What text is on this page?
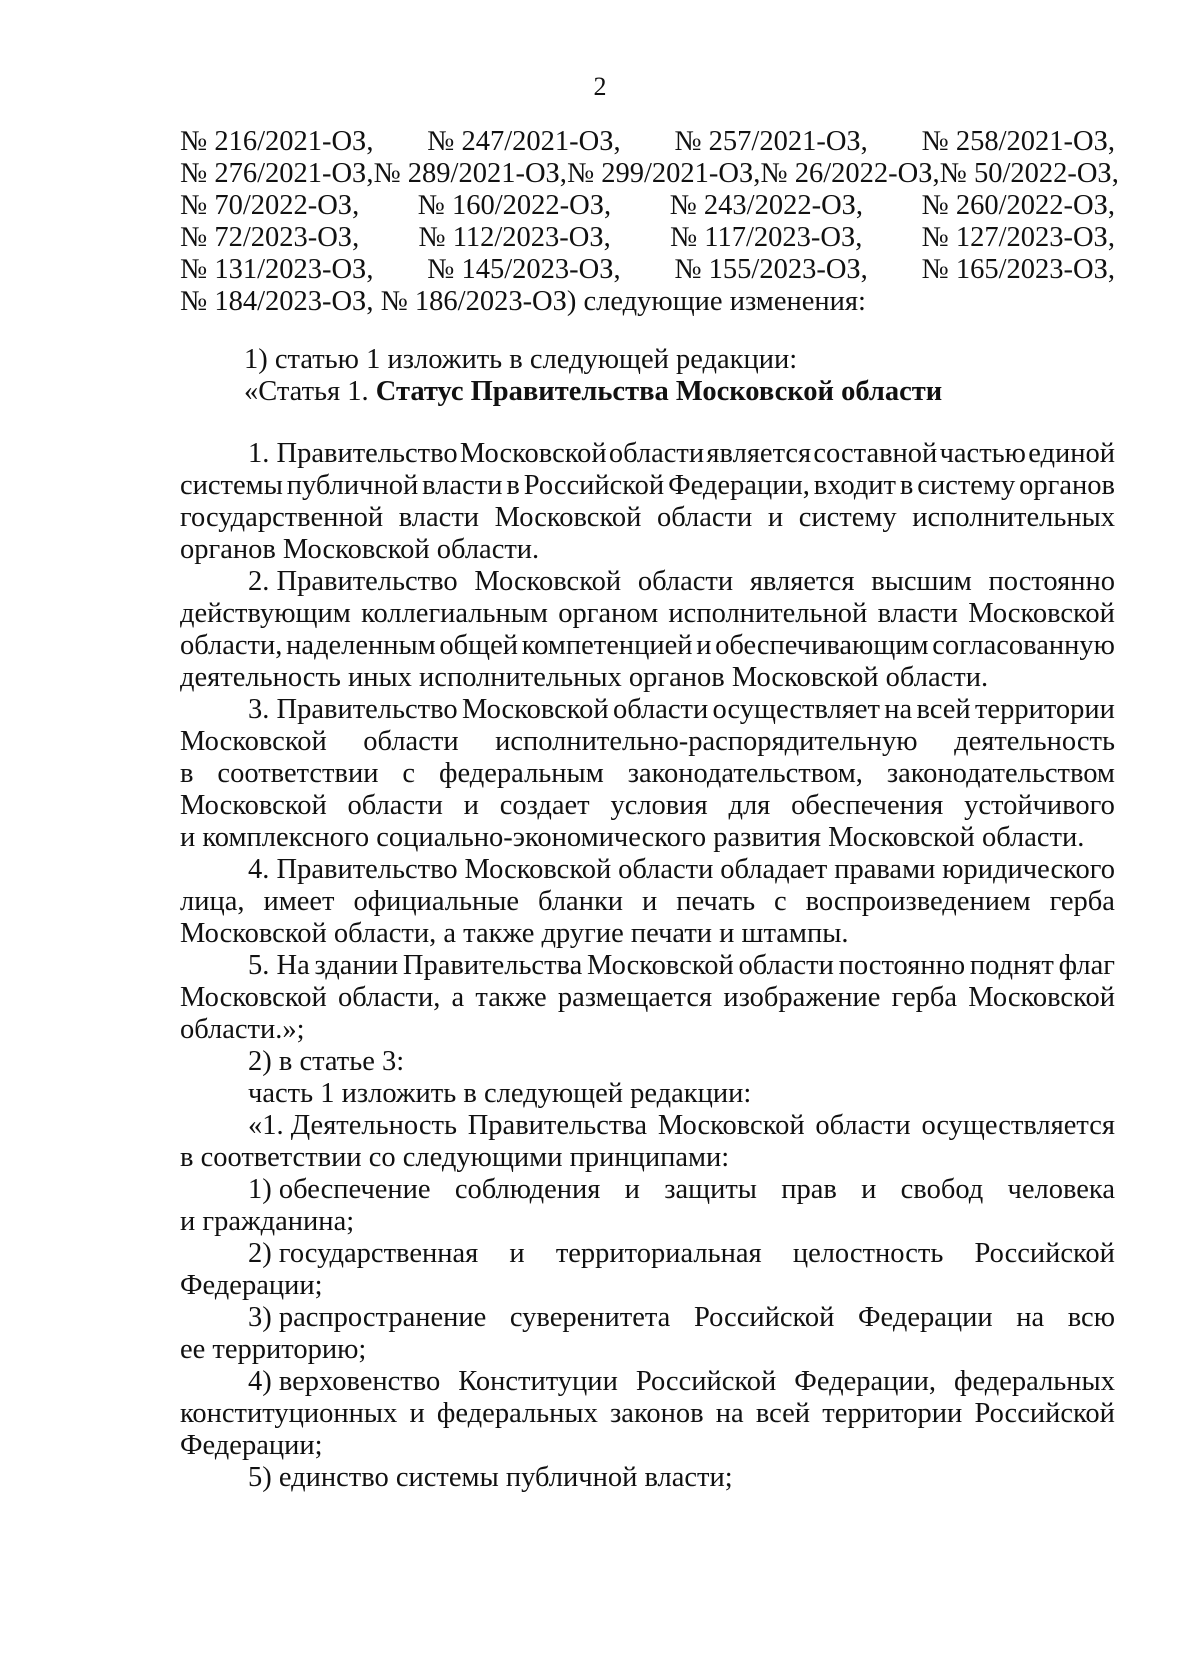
2
№ 216/2021-ОЗ, № 247/2021-ОЗ, № 257/2021-ОЗ, № 258/2021-ОЗ,
№ 276/2021-ОЗ, № 289/2021-ОЗ, № 299/2021-ОЗ, № 26/2022-ОЗ, № 50/2022-ОЗ,
№ 70/2022-ОЗ, № 160/2022-ОЗ, № 243/2022-ОЗ, № 260/2022-ОЗ,
№ 72/2023-ОЗ, № 112/2023-ОЗ, № 117/2023-ОЗ, № 127/2023-ОЗ,
№ 131/2023-ОЗ, № 145/2023-ОЗ, № 155/2023-ОЗ, № 165/2023-ОЗ,
№ 184/2023-ОЗ, № 186/2023-ОЗ) следующие изменения:
1) статью 1 изложить в следующей редакции:
«Статья 1. Статус Правительства Московской области
1. Правительство Московской области является составной частью единой
системы публичной власти в Российской Федерации, входит в систему органов
государственной власти Московской области и систему исполнительных
органов Московской области.
2. Правительство Московской области является высшим постоянно
действующим коллегиальным органом исполнительной власти Московской
области, наделенным общей компетенцией и обеспечивающим согласованную
деятельность иных исполнительных органов Московской области.
3. Правительство Московской области осуществляет на всей территории
Московской области исполнительно-распорядительную деятельность
в соответствии с федеральным законодательством, законодательством
Московской области и создает условия для обеспечения устойчивого
и комплексного социально-экономического развития Московской области.
4. Правительство Московской области обладает правами юридического
лица, имеет официальные бланки и печать с воспроизведением герба
Московской области, а также другие печати и штампы.
5. На здании Правительства Московской области постоянно поднят флаг
Московской области, а также размещается изображение герба Московской
области.»;
2) в статье 3:
часть 1 изложить в следующей редакции:
«1. Деятельность Правительства Московской области осуществляется
в соответствии со следующими принципами:
1) обеспечение соблюдения и защиты прав и свобод человека
и гражданина;
2) государственная и территориальная целостность Российской
Федерации;
3) распространение суверенитета Российской Федерации на всю
ее территорию;
4) верховенство Конституции Российской Федерации, федеральных
конституционных и федеральных законов на всей территории Российской
Федерации;
5) единство системы публичной власти;
